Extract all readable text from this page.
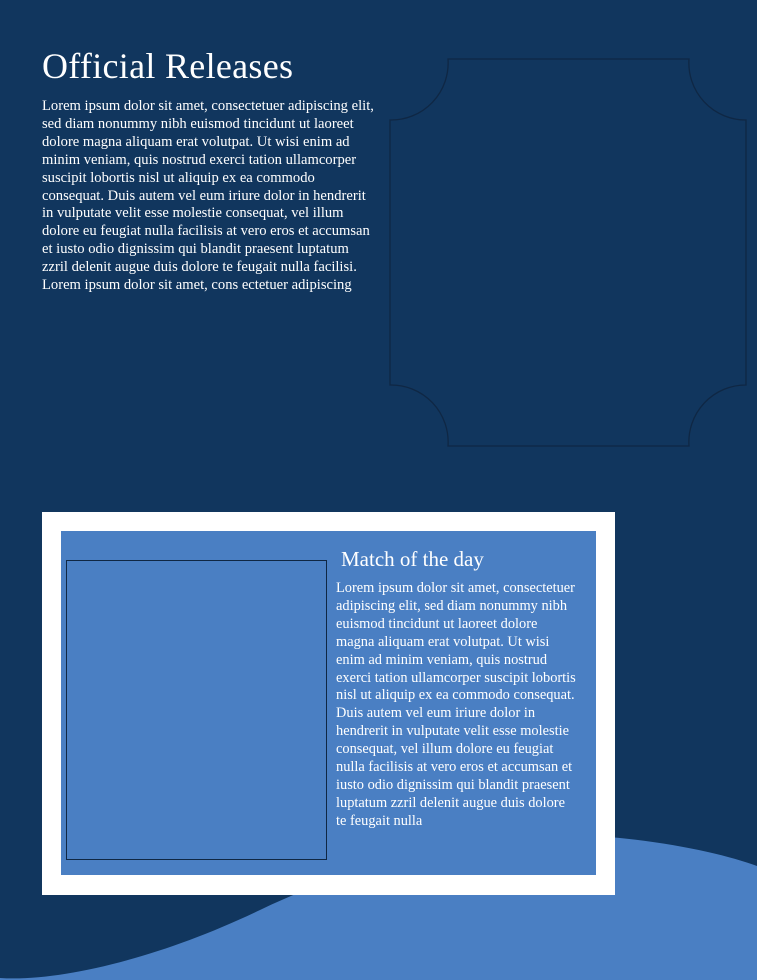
Official Releases

Lorem ipsum dolor sit amet, consectetuer adipiscing elit, sed diam nonummy nibh euismod tincidunt ut laoreet dolore magna aliquam erat volutpat. Ut wisi enim ad minim veniam, quis nostrud exerci tation ullamcorper suscipit lobortis nisl ut aliquip ex ea commodo consequat. Duis autem vel eum iriure dolor in hendrerit in vulputate velit esse molestie consequat, vel illum dolore eu feugiat nulla facilisis at vero eros et accumsan et iusto odio dignissim qui blandit praesent luptatum zzril delenit augue duis dolore te feugait nulla facilisi.

Lorem ipsum dolor sit amet, cons ectetuer adipiscing

Match of the day

Lorem ipsum dolor sit amet, consectetuer adipiscing elit, sed diam nonummy nibh euismod tincidunt ut laoreet dolore magna aliquam erat volutpat. Ut wisi enim ad minim veniam, quis nostrud exerci tation ullamcorper suscipit lobortis nisl ut aliquip ex ea commodo consequat. Duis autem vel eum iriure dolor in hendrerit in vulputate velit esse molestie consequat, vel illum dolore eu feugiat nulla facilisis at vero eros et accumsan et iusto odio dignissim qui blandit praesent luptatum zzril delenit augue duis dolore te feugait nulla
